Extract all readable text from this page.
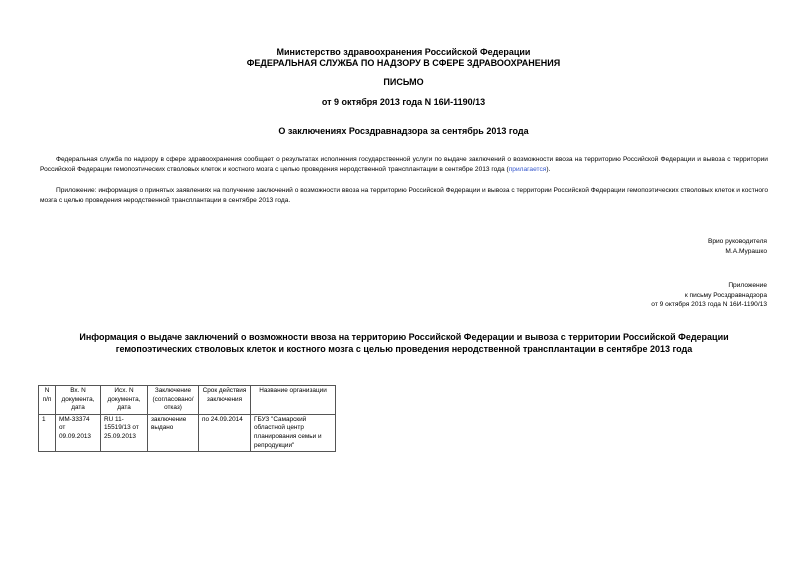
Министерство здравоохранения Российской Федерации
ФЕДЕРАЛЬНАЯ СЛУЖБА ПО НАДЗОРУ В СФЕРЕ ЗДРАВООХРАНЕНИЯ
ПИСЬМО
от 9 октября 2013 года N 16И-1190/13
О заключениях Росздравнадзора за сентябрь 2013 года
Федеральная служба по надзору в сфере здравоохранения сообщает о результатах исполнения государственной услуги по выдаче заключений о возможности ввоза на территорию Российской Федерации и вывоза с территории Российской Федерации гемопоэтических стволовых клеток и костного мозга с целью проведения неродственной трансплантации в сентябре 2013 года (прилагается).
Приложение: информация о принятых заявлениях на получение заключений о возможности ввоза на территорию Российской Федерации и вывоза с территории Российской Федерации гемопоэтических стволовых клеток и костного мозга с целью проведения неродственной трансплантации в сентябре 2013 года.
Врио руководителя
М.А.Мурашко
Приложение
к письму Росздравнадзора
от 9 октября 2013 года N 16И-1190/13
Информация о выдаче заключений о возможности ввоза на территорию Российской Федерации и вывоза с территории Российской Федерации гемопоэтических стволовых клеток и костного мозга с целью проведения неродственной трансплантации в сентябре 2013 года
N п/п	Вх. N документа, дата	Исх. N документа, дата	Заключение (согласовано/ отказ)	Срок действия заключения	Название организации
1	ММ-33374 от 09.09.2013	RU 11-15519/13 от 25.09.2013	заключение выдано	по 24.09.2014	ГБУЗ "Самарский областной центр планирования семьи и репродукции"
